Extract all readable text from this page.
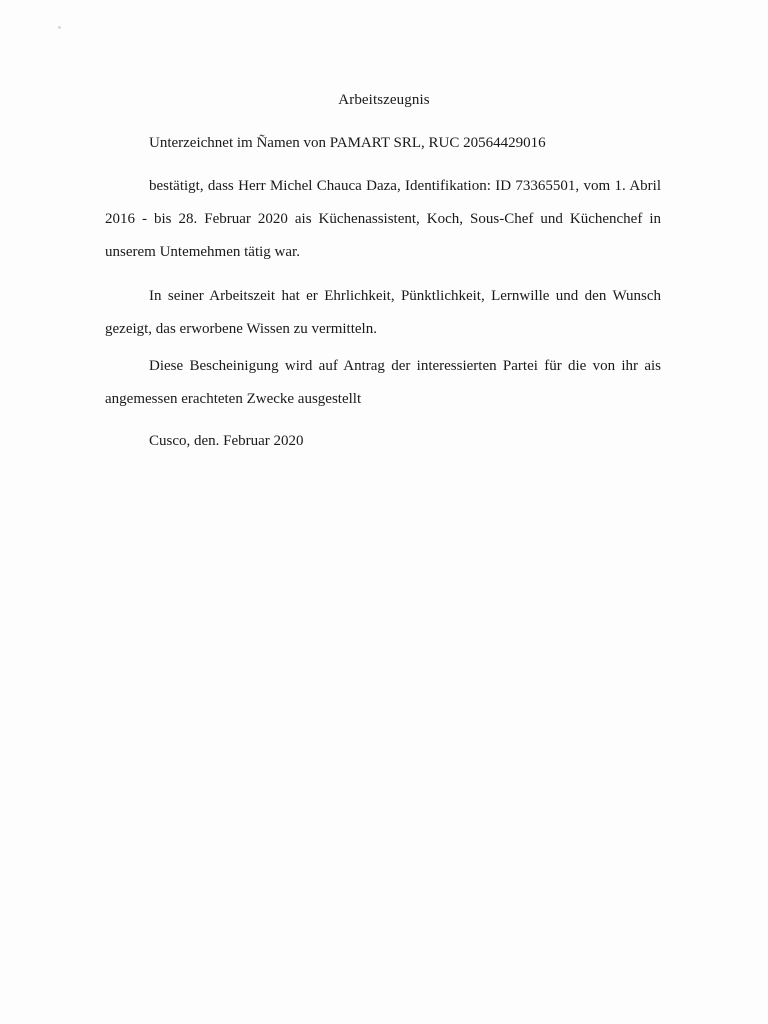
Arbeitszeugnis
Unterzeichnet im Ñamen von PAMART SRL, RUC 20564429016
bestätigt, dass Herr Michel Chauca Daza, Identifikation: ID 73365501, vom 1. Abril
2016 - bis 28. Februar 2020 ais Küchenassistent, Koch, Sous-Chef und Küchenchef in
unserem Untemehmen tätig war.
In seiner Arbeitszeit hat er Ehrlichkeit, Pünktlichkeit, Lernwille und den Wunsch
gezeigt, das erworbene Wissen zu vermitteln.
Diese Bescheinigung wird auf Antrag der interessierten Partei für die von ihr ais
angemessen erachteten Zwecke ausgestellt
Cusco, den. Februar 2020
